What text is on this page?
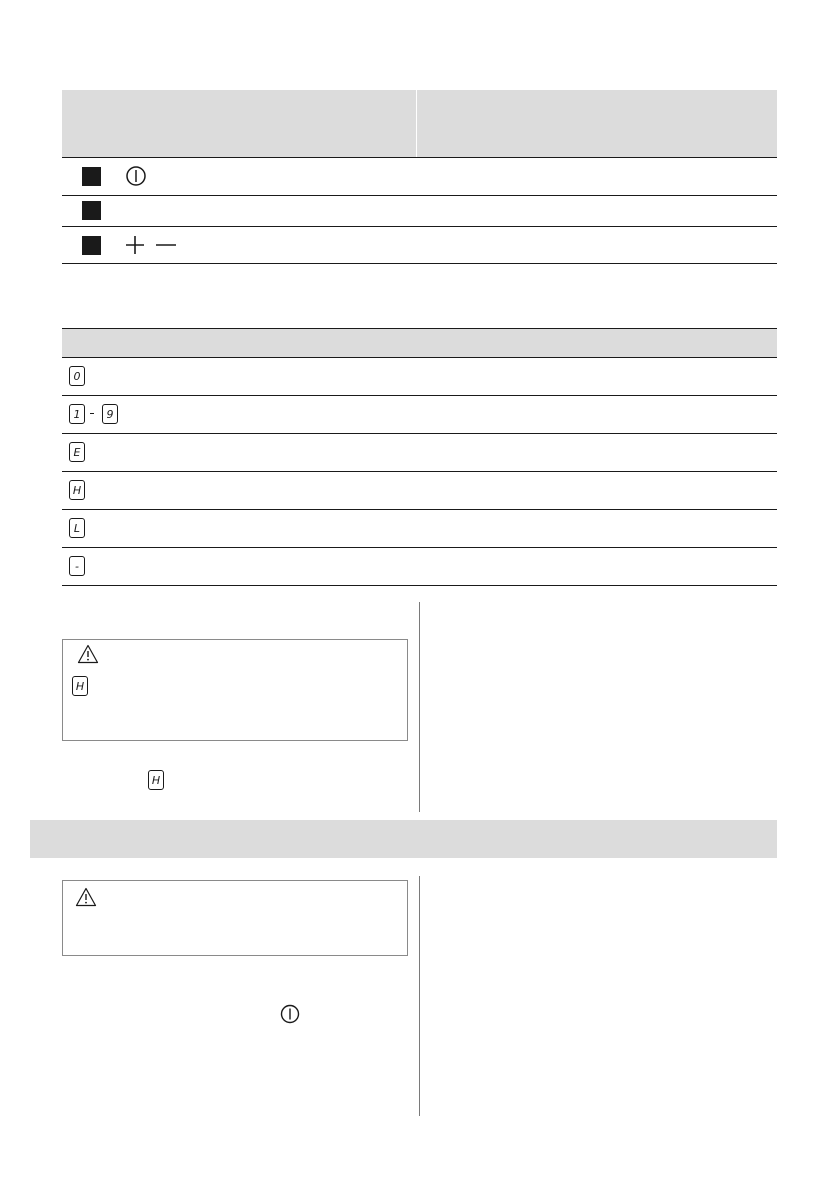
0
1	9
E
H
L
-
H
H
